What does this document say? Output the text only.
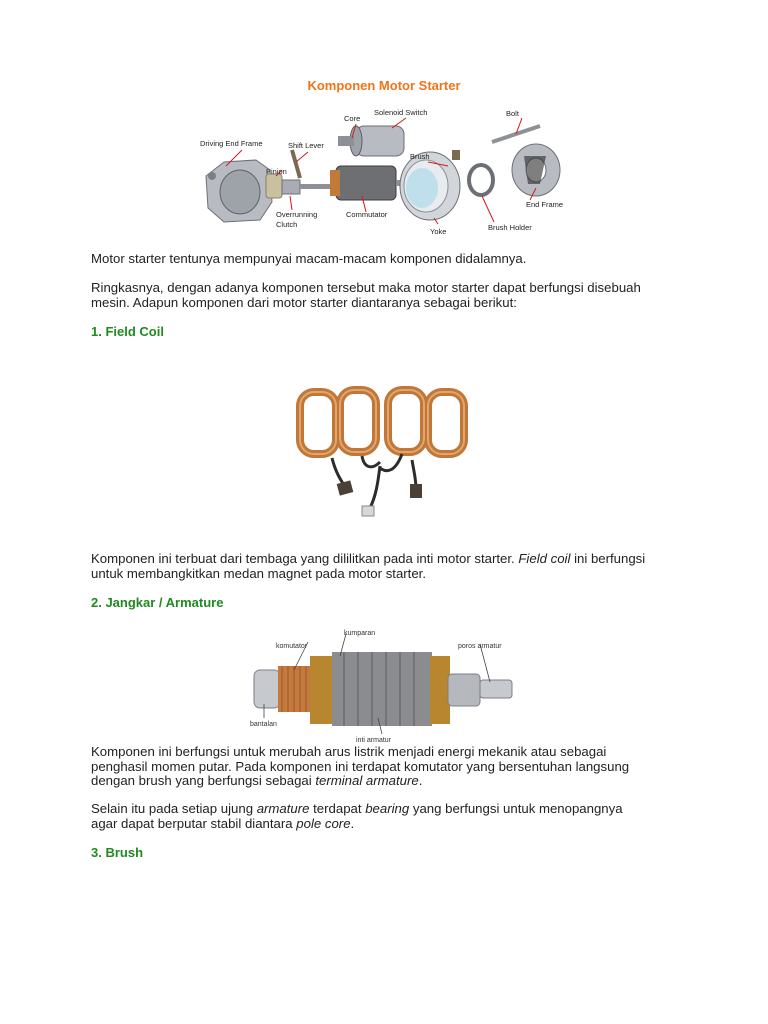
Komponen Motor Starter
Driving End Frame	Shift Lever
Core
Solenoid Switch	Bolt
Pinion
Brush
End Frame
Overrunning
Clutch
Commutator
Yoke	Brush Holder
Motor starter tentunya mempunyai macam-macam komponen didalamnya.
Ringkasnya, dengan adanya komponen tersebut maka motor starter dapat berfungsi disebuah
mesin. Adapun komponen dari motor starter diantaranya sebagai berikut:
1. Field Coil
Komponen ini terbuat dari tembaga yang dililitkan pada inti motor starter. Field coil ini berfungsi
untuk membangkitkan medan magnet pada motor starter.
2. Jangkar / Armature
komutator
kumparan
poros armatur
bantalan
inti armatur
Komponen ini berfungsi untuk merubah arus listrik menjadi energi mekanik atau sebagai
penghasil momen putar. Pada komponen ini terdapat komutator yang bersentuhan langsung
dengan brush yang berfungsi sebagai terminal armature.
Selain itu pada setiap ujung armature terdapat bearing yang berfungsi untuk menopangnya
agar dapat berputar stabil diantara pole core.
3. Brush
